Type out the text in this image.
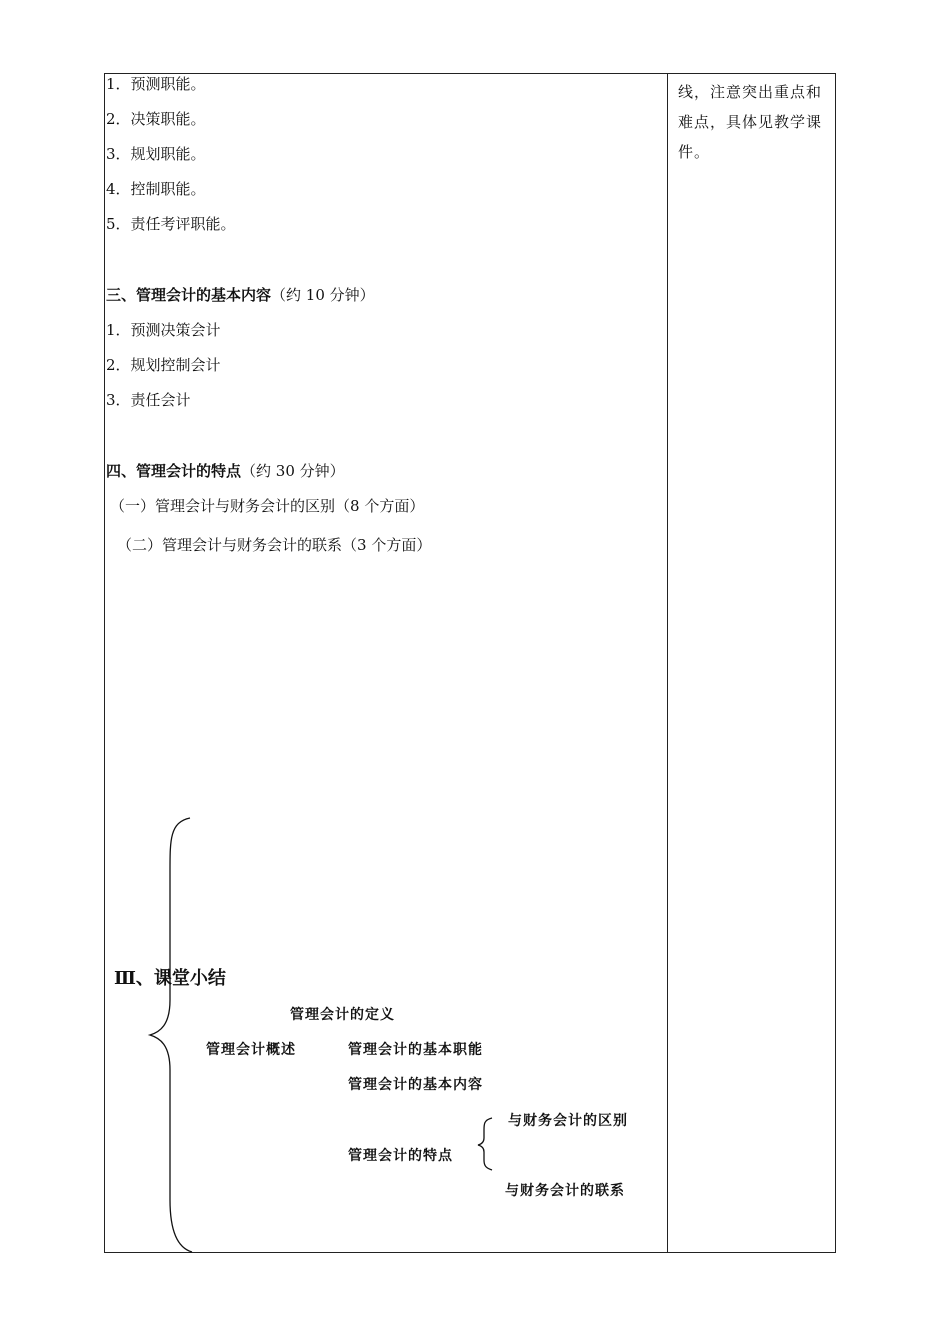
1．预测职能。
2．决策职能。
3．规划职能。
4．控制职能。
5．责任考评职能。
三、管理会计的基本内容（约 10 分钟）
1．预测决策会计
2．规划控制会计
3．责任会计
四、管理会计的特点（约 30 分钟）
（一）管理会计与财务会计的区别（8 个方面）
（二）管理会计与财务会计的联系（3 个方面）
线，注意突出重点和难点，具体见教学课件。
Ⅲ、课堂小结
管理会计的定义
管理会计概述	管理会计的基本职能
管理会计的基本内容
与财务会计的区别
管理会计的特点
与财务会计的联系
